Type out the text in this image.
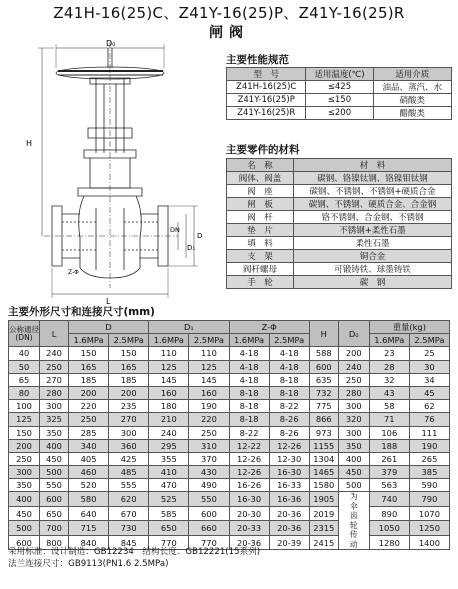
Z41H-16(25)C、Z41Y-16(25)P、Z41Y-16(25)R
闸阀
D₀
H
L
D
D₁
DN
Z-Φ
主要性能规范
型　号	适用温度(℃)	适用介质
Z41H-16(25)C	≤425	油品、蒸汽、水
Z41Y-16(25)P	≤150	硝酸类
Z41Y-16(25)R	≤200	醋酸类
主要零件的材料
名　称	材　料
阀体、阀盖	碳钢、铬镍钛钢、铬镍钼钛钢
阀　座	碳钢、不锈钢、不锈钢+硬质合金
闸　板	碳钢、不锈钢、硬质合金、合金钢
阀　杆	铬不锈钢、合金钢、不锈钢
垫　片	不锈钢+柔性石墨
填　料	柔性石墨
支　架	铜合金
阀杆螺母	可锻铸铁、球墨铸铁
手　轮	碳　钢
主要外形尺寸和连接尺寸(mm)
公称通径(DN)	L	D		D₁		Z-Φ		H	D₀	重量(kg)	
		1.6MPa	2.5MPa	1.6MPa	2.5MPa	1.6MPa	2.5MPa			1.6MPa	2.5MPa
40	240	150	150	110	110	4-18	4-18	588	200	23	25
50	250	165	165	125	125	4-18	4-18	600	240	28	30
65	270	185	185	145	145	4-18	8-18	635	250	32	34
80	280	200	200	160	160	8-18	8-18	732	280	43	45
100	300	220	235	180	190	8-18	8-22	775	300	58	62
125	325	250	270	210	220	8-18	8-26	866	320	71	76
150	350	285	300	240	250	8-22	8-26	973	300	106	111
200	400	340	360	295	310	12-22	12-26	1155	350	188	190
250	450	405	425	355	370	12-26	12-30	1304	400	261	265
300	500	460	485	410	430	12-26	16-30	1465	450	379	385
350	550	520	555	470	490	16-26	16-33	1580	500	563	590
400	600	580	620	525	550	16-30	16-36	1905	为伞齿轮传动	740	790
450	650	640	670	585	600	20-30	20-36	2019		890	1070
500	700	715	730	650	660	20-33	20-36	2315		1050	1250
600	800	840	845	770	770	20-36	20-39	2415		1280	1400
采用标准：设计制造：GB12234　结构长度：GB12221(15系列)
法兰连接尺寸：GB9113(PN1.6 2.5MPa)
